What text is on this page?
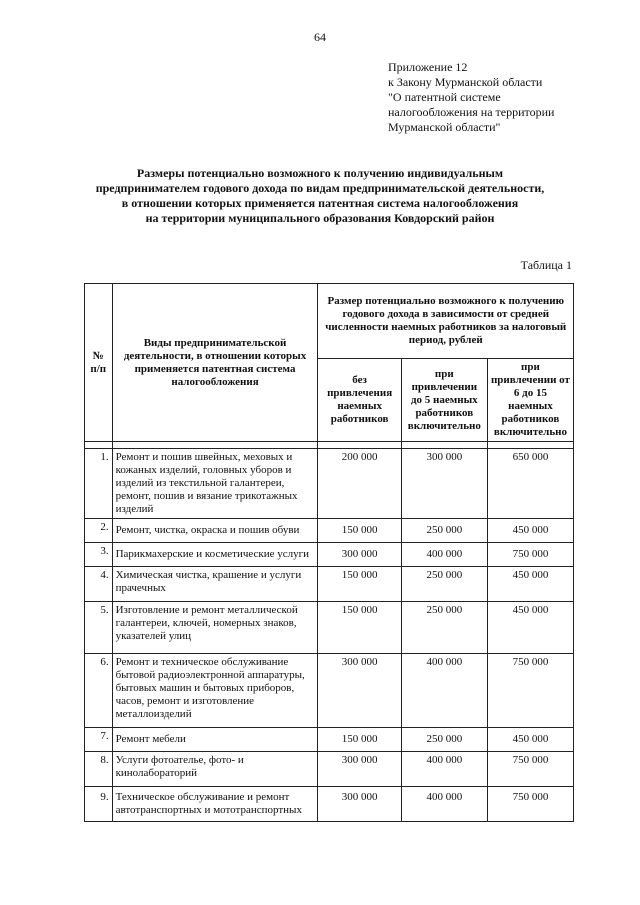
64
Приложение 12
к Закону Мурманской области
"О патентной системе
налогообложения на территории
Мурманской области"
Размеры потенциально возможного к получению индивидуальным
предпринимателем годового дохода по видам предпринимательской деятельности,
в отношении которых применяется патентная система налогообложения
на территории муниципального образования Ковдорский район
Таблица 1
№ п/п	Виды предпринимательской деятельности, в отношении которых применяется патентная система налогообложения	Размер потенциально возможного к получению годового дохода в зависимости от средней численности наемных работников за налоговый период, рублей		
		без привлечения наемных работников	при привлечении до 5 наемных работников включительно	при привлечении от 6 до 15 наемных работников включительно

1.	Ремонт и пошив швейных, меховых и кожаных изделий, головных уборов и изделий из текстильной галантереи, ремонт, пошив и вязание трикотажных изделий	200 000	300 000	650 000
2.	Ремонт, чистка, окраска и пошив обуви	150 000	250 000	450 000
3.	Парикмахерские и косметические услуги	300 000	400 000	750 000
4.	Химическая чистка, крашение и услуги прачечных	150 000	250 000	450 000
5.	Изготовление и ремонт металлической галантереи, ключей, номерных знаков, указателей улиц	150 000	250 000	450 000
6.	Ремонт и техническое обслуживание бытовой радиоэлектронной аппаратуры, бытовых машин и бытовых приборов, часов, ремонт и изготовление металлоизделий	300 000	400 000	750 000
7.	Ремонт мебели	150 000	250 000	450 000
8.	Услуги фотоателье, фото- и кинолабораторий	300 000	400 000	750 000
9.	Техническое обслуживание и ремонт автотранспортных и мототранспортных	300 000	400 000	750 000
